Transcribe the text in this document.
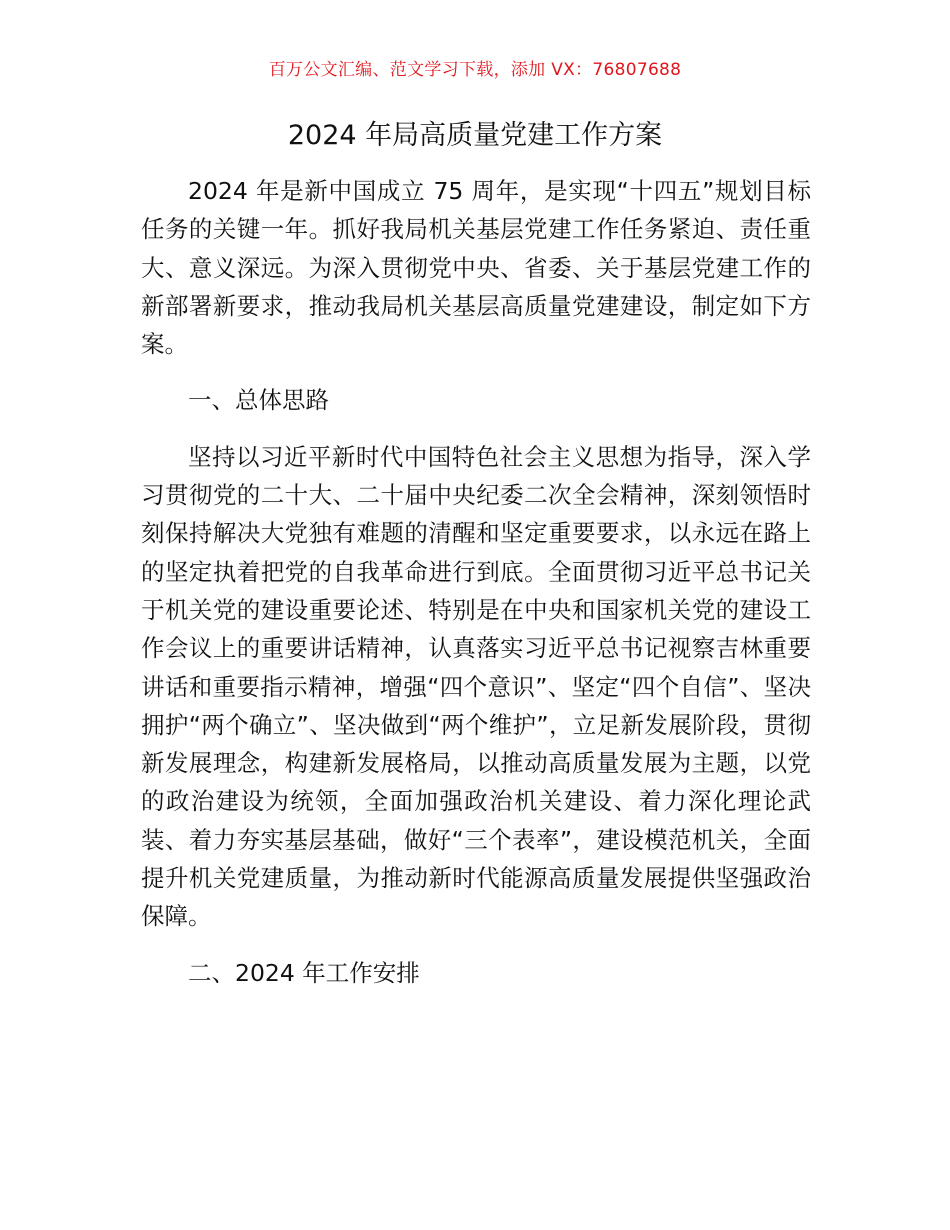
百万公文汇编、范文学习下载，添加 VX：76807688
2024 年局高质量党建工作方案

2024 年是新中国成立 75 周年，是实现“十四五”规划目标任务的关键一年。抓好我局机关基层党建工作任务紧迫、责任重大、意义深远。为深入贯彻党中央、省委、关于基层党建工作的新部署新要求，推动我局机关基层高质量党建建设，制定如下方案。

一、总体思路

坚持以习近平新时代中国特色社会主义思想为指导，深入学习贯彻党的二十大、二十届中央纪委二次全会精神，深刻领悟时刻保持解决大党独有难题的清醒和坚定重要要求，以永远在路上的坚定执着把党的自我革命进行到底。全面贯彻习近平总书记关于机关党的建设重要论述、特别是在中央和国家机关党的建设工作会议上的重要讲话精神，认真落实习近平总书记视察吉林重要讲话和重要指示精神，增强“四个意识”、坚定“四个自信”、坚决拥护“两个确立”、坚决做到“两个维护”，立足新发展阶段，贯彻新发展理念，构建新发展格局，以推动高质量发展为主题，以党的政治建设为统领，全面加强政治机关建设、着力深化理论武装、着力夯实基层基础，做好“三个表率”，建设模范机关，全面提升机关党建质量，为推动新时代能源高质量发展提供坚强政治保障。

二、2024 年工作安排
